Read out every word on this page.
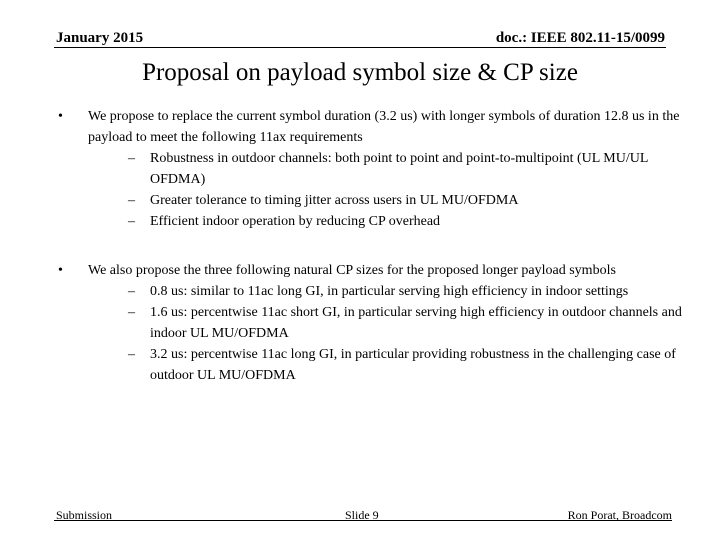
January 2015	doc.: IEEE 802.11-15/0099
Proposal on payload symbol size & CP size
• We propose to replace the current symbol duration (3.2 us) with longer symbols of duration 12.8 us in the payload to meet the following 11ax requirements
– Robustness in outdoor channels: both point to point and point-to-multipoint (UL MU/UL OFDMA)
– Greater tolerance to timing jitter across users in UL MU/OFDMA
– Efficient indoor operation by reducing CP overhead
• We also propose the three following natural CP sizes for the proposed longer payload symbols
– 0.8 us: similar to 11ac long GI, in particular serving high efficiency in indoor settings
– 1.6 us: percentwise 11ac short GI, in particular serving high efficiency in outdoor channels and indoor UL MU/OFDMA
– 3.2 us: percentwise 11ac long GI, in particular providing robustness in the challenging case of outdoor UL MU/OFDMA
Submission	Slide 9	Ron Porat, Broadcom
